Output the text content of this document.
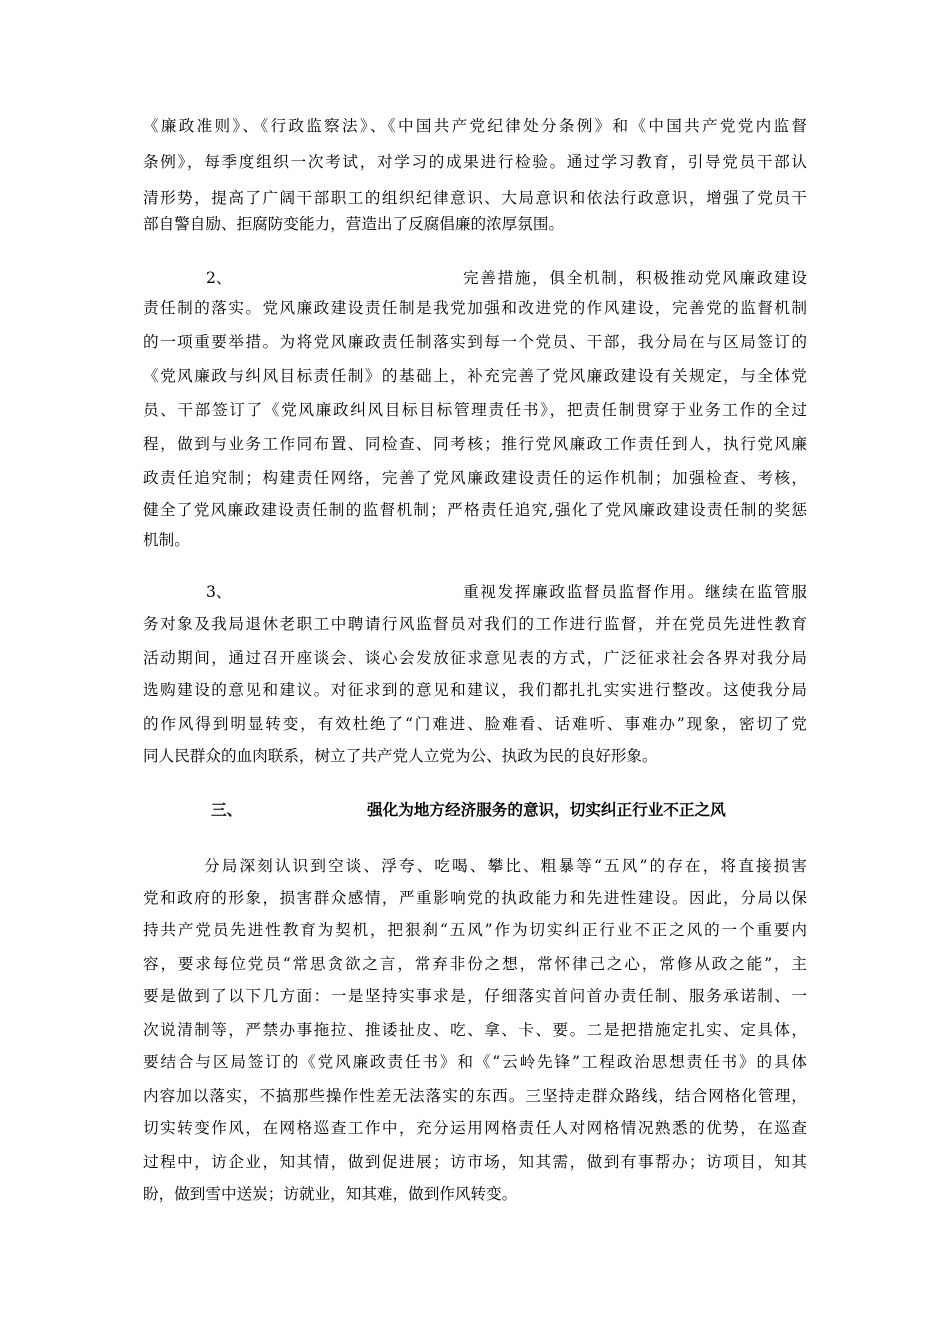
《廉政准则》、《行政监察法》、《中国共产党纪律处分条例》和《中国共产党党内监督
条例》，每季度组织一次考试，对学习的成果进行检验。通过学习教育，引导党员干部认
清形势，提高了广阔干部职工的组织纪律意识、大局意识和依法行政意识，增强了党员干
部自警自励、拒腐防变能力，营造出了反腐倡廉的浓厚氛围。
2、	完善措施，俱全机制，积极推动党风廉政建设
责任制的落实。党风廉政建设责任制是我党加强和改进党的作风建设，完善党的监督机制
的一项重要举措。为将党风廉政责任制落实到每一个党员、干部，我分局在与区局签订的
《党风廉政与纠风目标责任制》的基础上，补充完善了党风廉政建设有关规定，与全体党
员、干部签订了《党风廉政纠风目标目标管理责任书》，把责任制贯穿于业务工作的全过
程，做到与业务工作同布置、同检查、同考核；推行党风廉政工作责任到人，执行党风廉
政责任追究制；构建责任网络，完善了党风廉政建设责任的运作机制；加强检查、考核，
健全了党风廉政建设责任制的监督机制；严格责任追究,强化了党风廉政建设责任制的奖惩
机制。
3、	重视发挥廉政监督员监督作用。继续在监管服
务对象及我局退休老职工中聘请行风监督员对我们的工作进行监督，并在党员先进性教育
活动期间，通过召开座谈会、谈心会发放征求意见表的方式，广泛征求社会各界对我分局
选购建设的意见和建议。对征求到的意见和建议，我们都扎扎实实进行整改。这使我分局
的作风得到明显转变，有效杜绝了“门难进、脸难看、话难听、事难办”现象，密切了党
同人民群众的血肉联系，树立了共产党人立党为公、执政为民的良好形象。
三、	强化为地方经济服务的意识，切实纠正行业不正之风
分局深刻认识到空谈、浮夸、吃喝、攀比、粗暴等“五风”的存在，将直接损害
党和政府的形象，损害群众感情，严重影响党的执政能力和先进性建设。因此，分局以保
持共产党员先进性教育为契机，把狠刹“五风”作为切实纠正行业不正之风的一个重要内
容，要求每位党员“常思贪欲之言，常弃非份之想，常怀律己之心，常修从政之能”，主
要是做到了以下几方面：一是坚持实事求是，仔细落实首问首办责任制、服务承诺制、一
次说清制等，严禁办事拖拉、推诿扯皮、吃、拿、卡、要。二是把措施定扎实、定具体，
要结合与区局签订的《党风廉政责任书》和《“云岭先锋”工程政治思想责任书》的具体
内容加以落实，不搞那些操作性差无法落实的东西。三坚持走群众路线，结合网格化管理，
切实转变作风，在网格巡查工作中，充分运用网格责任人对网格情况熟悉的优势，在巡查
过程中，访企业，知其情，做到促进展；访市场，知其需，做到有事帮办；访项目，知其
盼，做到雪中送炭；访就业，知其难，做到作风转变。
